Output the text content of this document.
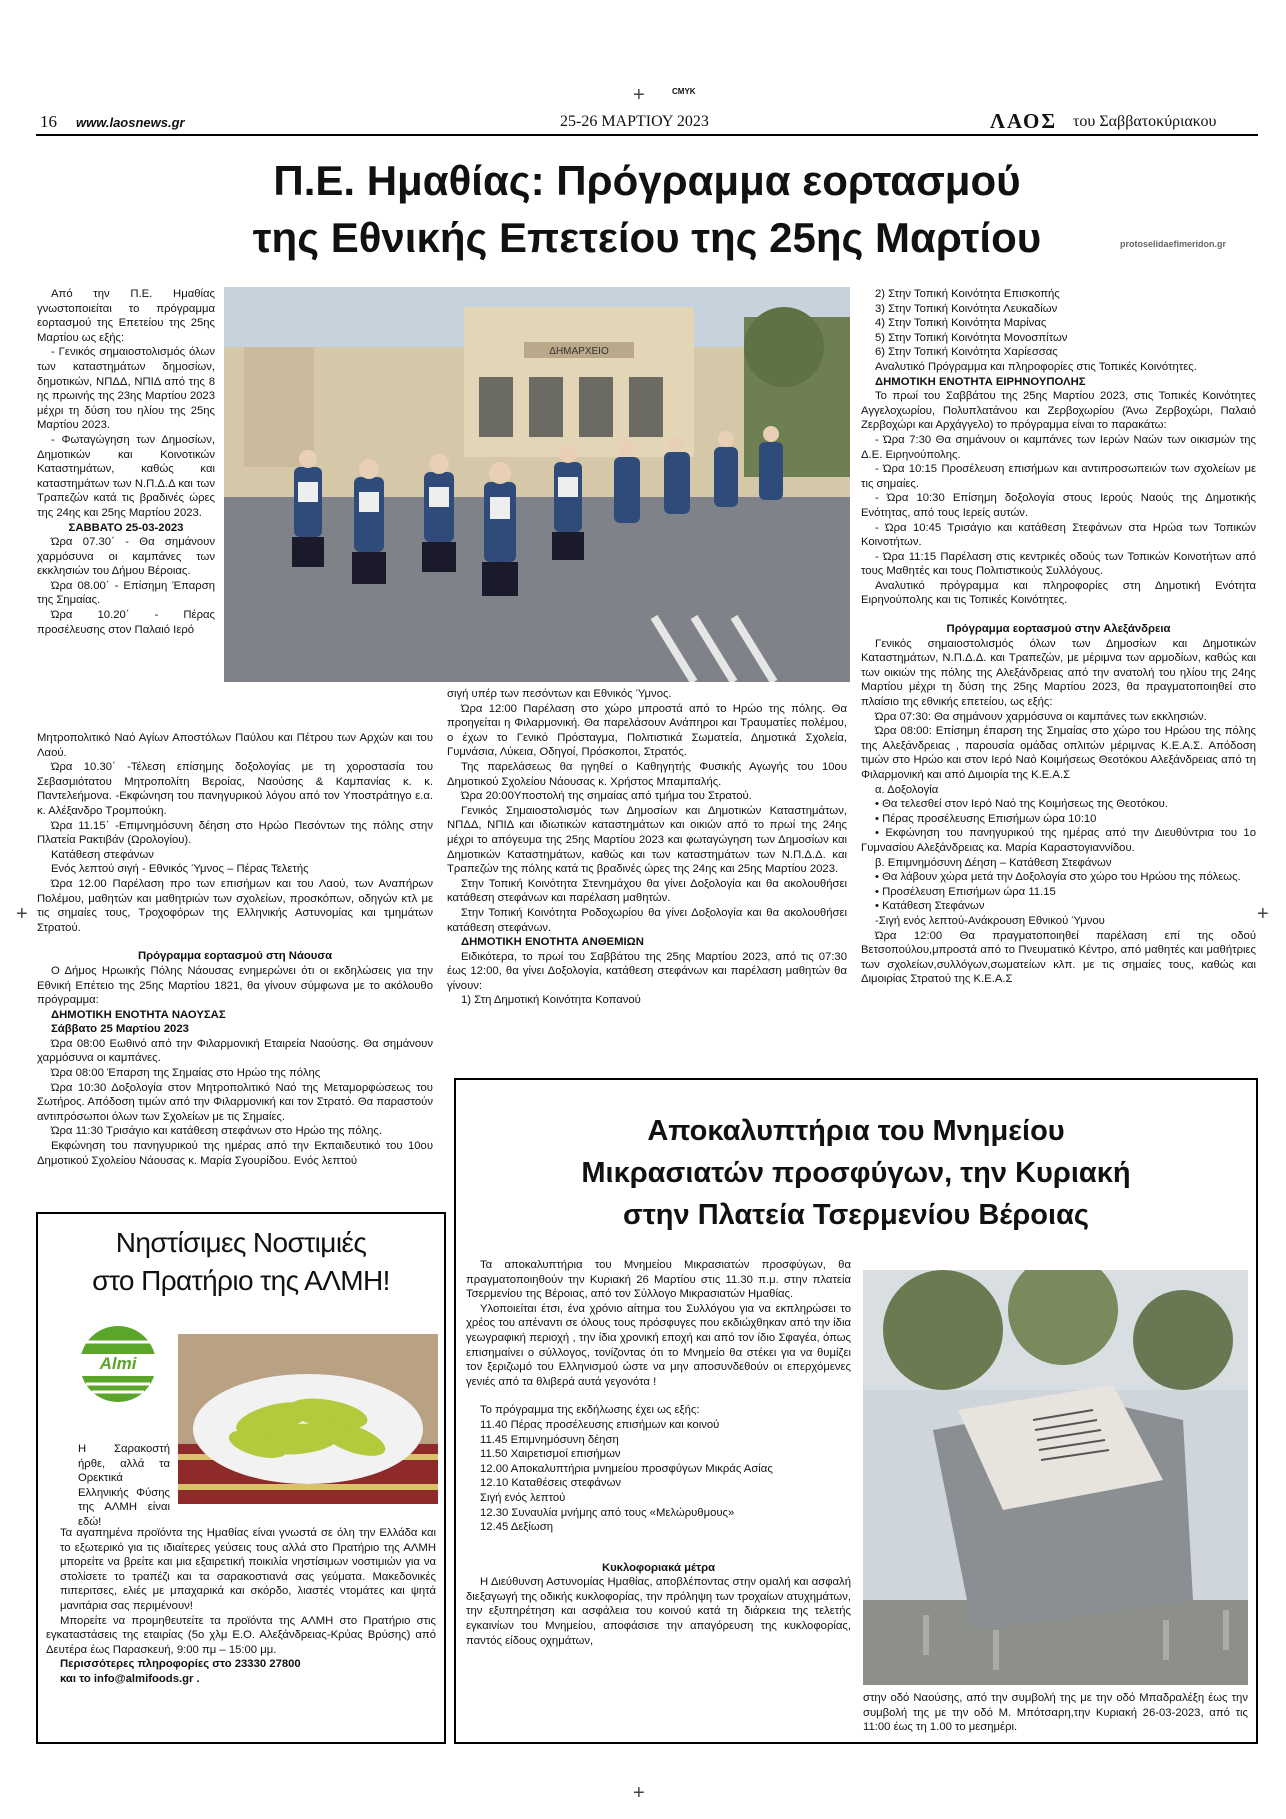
+
+	+
+
CMYK
16 www.laosnews.gr	25-26 ΜΑΡΤΙΟΥ 2023	ΛΑΟΣ του Σαββατοκύριακου
Π.Ε. Ημαθίας: Πρόγραμμα εορτασμού
της Εθνικής Επετείου της 25ης Μαρτίου	protoselidaefimeridon.gr
ΔΗΜΑΡΧΕΙΟ

Από την Π.Ε. Ημαθίας γνωστοποιείται το πρόγραμμα εορτασμού της Επετείου της 25ης Μαρτίου ως εξής:

- Γενικός σημαιοστολισμός όλων των καταστημάτων δημοσίων, δημοτικών, ΝΠΔΔ, ΝΠΙΔ από της 8 ης πρωινής της 23ης Μαρτίου 2023 μέχρι τη δύση του ηλίου της 25ης Μαρτίου 2023.

- Φωταγώγηση των Δημοσίων, Δημοτικών και Κοινοτικών Καταστημάτων, καθώς και καταστημάτων των Ν.Π.Δ.Δ και των Τραπεζών κατά τις βραδινές ώρες της 24ης και 25ης Μαρτίου 2023.

ΣΑΒΒΑΤΟ 25-03-2023

Ώρα 07.30΄ - Θα σημάνουν χαρμόσυνα οι καμπάνες των εκκλησιών του Δήμου Βέροιας.

Ώρα 08.00΄ - Επίσημη Έπαρση της Σημαίας.

Ώρα 10.20΄ - Πέρας προσέλευσης στον Παλαιό Ιερό

Μητροπολιτικό Ναό Αγίων Αποστόλων Παύλου και Πέτρου των Αρχών και του Λαού.

Ώρα 10.30΄ -Τέλεση επίσημης δοξολογίας με τη χοροστασία του Σεβασμιότατου Μητροπολίτη Βεροίας, Ναούσης & Καμπανίας κ. κ. Παντελεήμονα. -Εκφώνηση του πανηγυρικού λόγου από τον Υποστράτηγο ε.α. κ. Αλέξανδρο Τρομπούκη.

Ώρα 11.15΄ -Επιμνημόσυνη δέηση στο Ηρώο Πεσόντων της πόλης στην Πλατεία Ρακτιβάν (Ωρολογίου).

Κατάθεση στεφάνων

Ενός λεπτού σιγή - Εθνικός Ύμνος – Πέρας Τελετής

Ώρα 12.00 Παρέλαση προ των επισήμων και του Λαού, των Αναπήρων Πολέμου, μαθητών και μαθητριών των σχολείων, προσκόπων, οδηγών κτλ με τις σημαίες τους, Τροχοφόρων της Ελληνικής Αστυνομίας και τμημάτων Στρατού.

Πρόγραμμα εορτασμού στη Νάουσα

Ο Δήμος Ηρωικής Πόλης Νάουσας ενημερώνει ότι οι εκδηλώσεις για την Εθνική Επέτειο της 25ης Μαρτίου 1821, θα γίνουν σύμφωνα με το ακόλουθο πρόγραμμα:

ΔΗΜΟΤΙΚΗ ΕΝΟΤΗΤΑ ΝΑΟΥΣΑΣ

Σάββατο 25 Μαρτίου 2023

Ώρα 08:00 Εωθινό από την Φιλαρμονική Εταιρεία Ναούσης. Θα σημάνουν χαρμόσυνα οι καμπάνες.

Ώρα 08:00 Έπαρση της Σημαίας στο Ηρώο της πόλης

Ώρα 10:30 Δοξολογία στον Μητροπολιτικό Ναό της Μεταμορφώσεως του Σωτήρος. Απόδοση τιμών από την Φιλαρμονική και τον Στρατό. Θα παραστούν αντιπρόσωποι όλων των Σχολείων με τις Σημαίες.

Ώρα 11:30 Τρισάγιο και κατάθεση στεφάνων στο Ηρώο της πόλης.

Εκφώνηση του πανηγυρικού της ημέρας από την Εκπαιδευτικό του 10ου Δημοτικού Σχολείου Νάουσας κ. Μαρία Σγουρίδου. Ενός λεπτού

σιγή υπέρ των πεσόντων και Εθνικός Ύμνος.

Ώρα 12:00 Παρέλαση στο χώρο μπροστά από το Ηρώο της πόλης. Θα προηγείται η Φιλαρμονική. Θα παρελάσουν Ανάπηροι και Τραυματίες πολέμου, ο έχων το Γενικό Πρόσταγμα, Πολιτιστικά Σωματεία, Δημοτικά Σχολεία, Γυμνάσια, Λύκεια, Οδηγοί, Πρόσκοποι, Στρατός.

Της παρελάσεως θα ηγηθεί ο Καθηγητής Φυσικής Αγωγής του 10ου Δημοτικού Σχολείου Νάουσας κ. Χρήστος Μπαμπαλής.

Ώρα 20:00Υποστολή της σημαίας από τμήμα του Στρατού.

Γενικός Σημαιοστολισμός των Δημοσίων και Δημοτικών Καταστημάτων, ΝΠΔΔ, ΝΠΙΔ και ιδιωτικών καταστημάτων και οικιών από το πρωί της 24ης μέχρι το απόγευμα της 25ης Μαρτίου 2023 και φωταγώγηση των Δημοσίων και Δημοτικών Καταστημάτων, καθώς και των καταστημάτων των Ν.Π.Δ.Δ. και Τραπεζών της πόλης κατά τις βραδινές ώρες της 24ης και 25ης Μαρτίου 2023.

Στην Τοπική Κοινότητα Στενημάχου θα γίνει Δοξολογία και θα ακολουθήσει κατάθεση στεφάνων και παρέλαση μαθητών.

Στην Τοπική Κοινότητα Ροδοχωρίου θα γίνει Δοξολογία και θα ακολουθήσει κατάθεση στεφάνων.

ΔΗΜΟΤΙΚΗ ΕΝΟΤΗΤΑ ΑΝΘΕΜΙΩΝ

Ειδικότερα, το πρωί του Σαββάτου της 25ης Μαρτίου 2023, από τις 07:30 έως 12:00, θα γίνει Δοξολογία, κατάθεση στεφάνων και παρέλαση μαθητών θα γίνουν:

1) Στη Δημοτική Κοινότητα Κοπανού

2) Στην Τοπική Κοινότητα Επισκοπής

3) Στην Τοπική Κοινότητα Λευκαδίων

4) Στην Τοπική Κοινότητα Μαρίνας

5) Στην Τοπική Κοινότητα Μονοσπίτων

6) Στην Τοπική Κοινότητα Χαρίεσσας

Αναλυτικό Πρόγραμμα και πληροφορίες στις Τοπικές Κοινότητες.

ΔΗΜΟΤΙΚΗ ΕΝΟΤΗΤΑ ΕΙΡΗΝΟΥΠΟΛΗΣ

Το πρωί του Σαββάτου της 25ης Μαρτίου 2023, στις Τοπικές Κοινότητες Αγγελοχωρίου, Πολυπλατάνου και Ζερβοχωρίου (Άνω Ζερβοχώρι, Παλαιό Ζερβοχώρι και Αρχάγγελο) το πρόγραμμα είναι το παρακάτω:

- Ώρα 7:30 Θα σημάνουν οι καμπάνες των Ιερών Ναών των οικισμών της Δ.Ε. Ειρηνούπολης.

- Ώρα 10:15 Προσέλευση επισήμων και αντιπροσωπειών των σχολείων με τις σημαίες.

- Ώρα 10:30 Επίσημη δοξολογία στους Ιερούς Ναούς της Δημοτικής Ενότητας, από τους Ιερείς αυτών.

- Ώρα 10:45 Τρισάγιο και κατάθεση Στεφάνων στα Ηρώα των Τοπικών Κοινοτήτων.

- Ώρα 11:15 Παρέλαση στις κεντρικές οδούς των Τοπικών Κοινοτήτων από τους Μαθητές και τους Πολιτιστικούς Συλλόγους.

Αναλυτικό πρόγραμμα και πληροφορίες στη Δημοτική Ενότητα Ειρηνούπολης και τις Τοπικές Κοινότητες.

Πρόγραμμα εορτασμού στην Αλεξάνδρεια

Γενικός σημαιοστολισμός όλων των Δημοσίων και Δημοτικών Καταστημάτων, Ν.Π.Δ.Δ. και Τραπεζών, με μέριμνα των αρμοδίων, καθώς και των οικιών της πόλης της Αλεξάνδρειας από την ανατολή του ηλίου της 24ης Μαρτίου μέχρι τη δύση της 25ης Μαρτίου 2023, θα πραγματοποιηθεί στο πλαίσιο της εθνικής επετείου, ως εξής:

Ώρα 07:30: Θα σημάνουν χαρμόσυνα οι καμπάνες των εκκλησιών.

Ώρα 08:00: Επίσημη έπαρση της Σημαίας στο χώρο του Ηρώου της πόλης της Αλεξάνδρειας , παρουσία ομάδας οπλιτών μέριμνας Κ.Ε.Α.Σ. Απόδοση τιμών στο Ηρώο και στον Ιερό Ναό Κοιμήσεως Θεοτόκου Αλεξάνδρειας από τη Φιλαρμονική και από Διμοιρία της Κ.Ε.Α.Σ

α. Δοξολογία

• Θα τελεσθεί στον Ιερό Ναό της Κοιμήσεως της Θεοτόκου.

• Πέρας προσέλευσης Επισήμων ώρα 10:10

• Εκφώνηση του πανηγυρικού της ημέρας από την Διευθύντρια του 1ο Γυμνασίου Αλεξάνδρειας κα. Μαρία Καραστογιαννίδου.

β. Επιμνημόσυνη Δέηση – Κατάθεση Στεφάνων

• Θα λάβουν χώρα μετά την Δοξολογία στο χώρο του Ηρώου της πόλεως.

• Προσέλευση Επισήμων ώρα 11.15

• Κατάθεση Στεφάνων

-Σιγή ενός λεπτού-Ανάκρουση Εθνικού Ύμνου

Ώρα 12:00 Θα πραγματοποιηθεί παρέλαση επί της οδού Βετσοπούλου,μπροστά από το Πνευματικό Κέντρο, από μαθητές και μαθήτριες των σχολείων,συλλόγων,σωματείων κλπ. με τις σημαίες τους, καθώς και Διμοιρίας Στρατού της Κ.Ε.Α.Σ

Νηστίσιμες Νοστιμιές
στο Πρατήριο της ΑΛΜΗ!
Almi
Η Σαρακοστή ήρθε, αλλά τα Ορεκτικά Ελληνικής Φύσης της ΑΛΜΗ είναι εδώ!

Τα αγαπημένα προϊόντα της Ημαθίας είναι γνωστά σε όλη την Ελλάδα και το εξωτερικό για τις ιδιαίτερες γεύσεις τους αλλά στο Πρατήριο της ΑΛΜΗ μπορείτε να βρείτε και μια εξαιρετική ποικιλία νηστίσιμων νοστιμιών για να στολίσετε το τραπέζι και τα σαρακοστιανά σας γεύματα. Μακεδονικές πιπεριτσες, ελιές με μπαχαρικά και σκόρδο, λιαστές ντομάτες και ψητά μανιτάρια σας περιμένουν!

Μπορείτε να προμηθευτείτε τα προϊόντα της ΑΛΜΗ στο Πρατήριο στις εγκαταστάσεις της εταιρίας (5ο χλμ Ε.Ο. Αλεξάνδρειας-Κρύας Βρύσης) από Δευτέρα έως Παρασκευή, 9:00 πμ – 15:00 μμ.

Περισσότερες πληροφορίες στο 23330 27800

και το info@almifoods.gr .

Αποκαλυπτήρια του Μνημείου
Μικρασιατών προσφύγων, την Κυριακή
στην Πλατεία Τσερμενίου Βέροιας

Τα αποκαλυπτήρια του Μνημείου Μικρασιατών προσφύγων, θα πραγματοποιηθούν την Κυριακή 26 Μαρτίου στις 11.30 π.μ. στην πλατεία Τσερμενίου της Βέροιας, από τον Σύλλογο Μικρασιατών Ημαθίας.

Υλοποιείται έτσι, ένα χρόνιο αίτημα του Συλλόγου για να εκπληρώσει το χρέος του απέναντι σε όλους τους πρόσφυγες που εκδιώχθηκαν από την ίδια γεωγραφική περιοχή , την ίδια χρονική εποχή και από τον ίδιο Σφαγέα, όπως επισημαίνει ο σύλλογος, τονίζοντας ότι το Μνημείο θα στέκει για να θυμίζει τον ξεριζωμό του Ελληνισμού ώστε να μην αποσυνδεθούν οι επερχόμενες γενιές από τα θλιβερά αυτά γεγονότα !

Το πρόγραμμα της εκδήλωσης έχει ως εξής:

11.40 Πέρας προσέλευσης επισήμων και κοινού

11.45 Επιμνημόσυνη δέηση

11.50 Χαιρετισμοί επισήμων

12.00 Αποκαλυπτήρια μνημείου προσφύγων Μικράς Ασίας

12.10 Καταθέσεις στεφάνων

Σιγή ενός λεπτού

12.30 Συναυλία μνήμης από τους «Μελώρυθμους»

12.45 Δεξίωση

Κυκλοφοριακά μέτρα

Η Διεύθυνση Αστυνομίας Ημαθίας, αποβλέποντας στην ομαλή και ασφαλή διεξαγωγή της οδικής κυκλοφορίας, την πρόληψη των τροχαίων ατυχημάτων, την εξυπηρέτηση και ασφάλεια του κοινού κατά τη διάρκεια της τελετής εγκαινίων του Μνημείου, αποφάσισε την απαγόρευση της κυκλοφορίας, παντός είδους οχημάτων,

στην οδό Ναούσης, από την συμβολή της με την οδό Μπαδραλέξη έως την συμβολή της με την οδό Μ. Μπότσαρη,την Κυριακή 26-03-2023, από τις 11:00 έως τη 1.00 το μεσημέρι.
